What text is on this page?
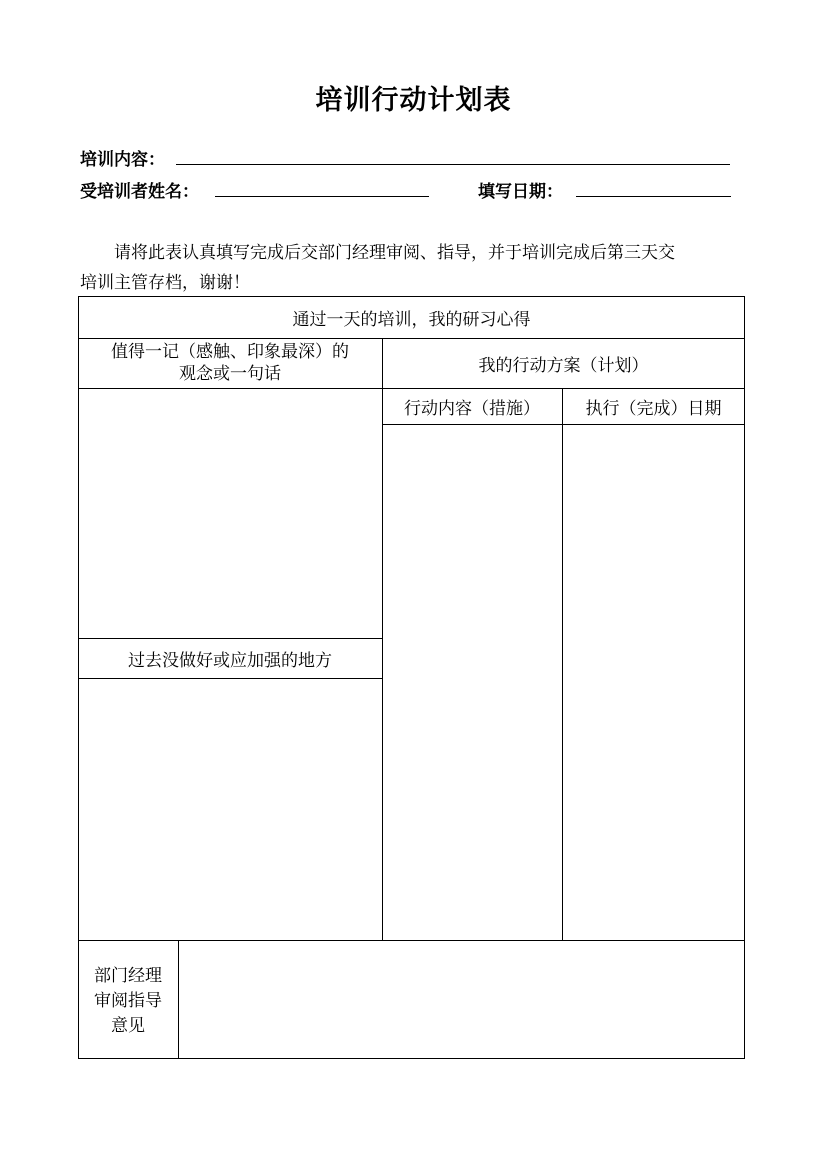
培训行动计划表
培训内容：
受培训者姓名：	填写日期：
请将此表认真填写完成后交部门经理审阅、指导，并于培训完成后第三天交
培训主管存档，谢谢！
通过一天的培训，我的研习心得
值得一记（感触、印象最深）的
观念或一句话	我的行动方案（计划）
行动内容（措施）	执行（完成）日期
过去没做好或应加强的地方
部门经理
审阅指导
意见
